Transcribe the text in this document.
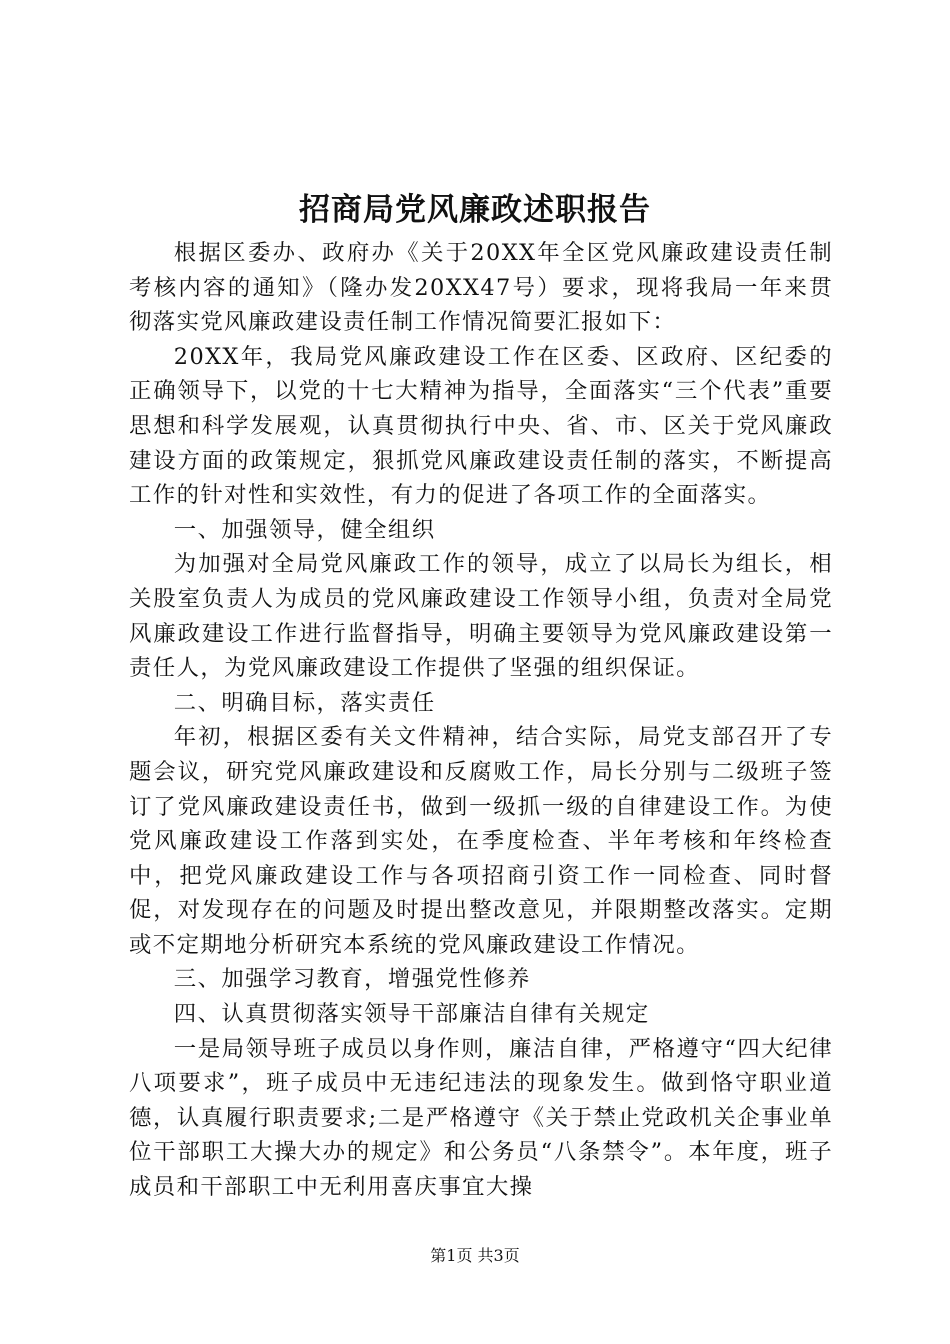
招商局党风廉政述职报告

根据区委办、政府办《关于20XX年全区党风廉政建设责任制考核内容的通知》（隆办发20XX47号）要求，现将我局一年来贯彻落实党风廉政建设责任制工作情况简要汇报如下：

20XX年，我局党风廉政建设工作在区委、区政府、区纪委的正确领导下，以党的十七大精神为指导，全面落实“三个代表”重要思想和科学发展观，认真贯彻执行中央、省、市、区关于党风廉政建设方面的政策规定，狠抓党风廉政建设责任制的落实，不断提高工作的针对性和实效性，有力的促进了各项工作的全面落实。

一、加强领导，健全组织

为加强对全局党风廉政工作的领导，成立了以局长为组长，相关股室负责人为成员的党风廉政建设工作领导小组，负责对全局党风廉政建设工作进行监督指导，明确主要领导为党风廉政建设第一责任人，为党风廉政建设工作提供了坚强的组织保证。

二、明确目标，落实责任

年初，根据区委有关文件精神，结合实际，局党支部召开了专题会议，研究党风廉政建设和反腐败工作，局长分别与二级班子签订了党风廉政建设责任书，做到一级抓一级的自律建设工作。为使党风廉政建设工作落到实处，在季度检查、半年考核和年终检查中，把党风廉政建设工作与各项招商引资工作一同检查、同时督促，对发现存在的问题及时提出整改意见，并限期整改落实。定期或不定期地分析研究本系统的党风廉政建设工作情况。

三、加强学习教育，增强党性修养

四、认真贯彻落实领导干部廉洁自律有关规定

一是局领导班子成员以身作则，廉洁自律，严格遵守“四大纪律八项要求”，班子成员中无违纪违法的现象发生。做到恪守职业道德，认真履行职责要求;二是严格遵守《关于禁止党政机关企事业单位干部职工大操大办的规定》和公务员“八条禁令”。本年度，班子成员和干部职工中无利用喜庆事宜大操

第1页 共3页
